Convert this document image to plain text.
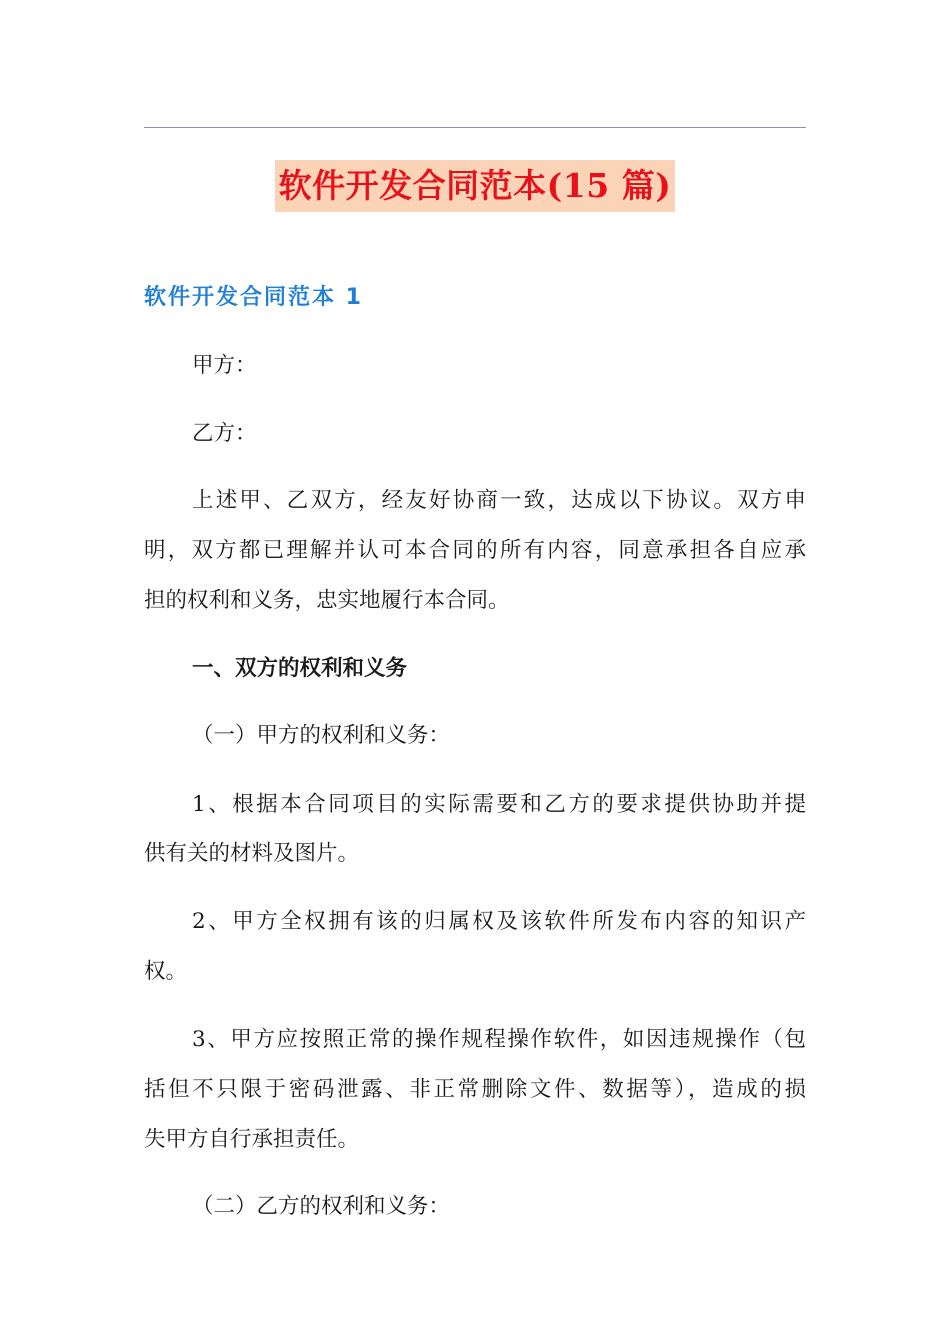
软件开发合同范本(15 篇)
软件开发合同范本 1
甲方：
乙方：
上述甲、乙双方，经友好协商一致，达成以下协议。双方申
明，双方都已理解并认可本合同的所有内容，同意承担各自应承
担的权利和义务，忠实地履行本合同。
一、双方的权利和义务
（一）甲方的权利和义务：
1、根据本合同项目的实际需要和乙方的要求提供协助并提
供有关的材料及图片。
2、甲方全权拥有该的归属权及该软件所发布内容的知识产
权。
3、甲方应按照正常的操作规程操作软件，如因违规操作（包
括但不只限于密码泄露、非正常删除文件、数据等），造成的损
失甲方自行承担责任。
（二）乙方的权利和义务：
